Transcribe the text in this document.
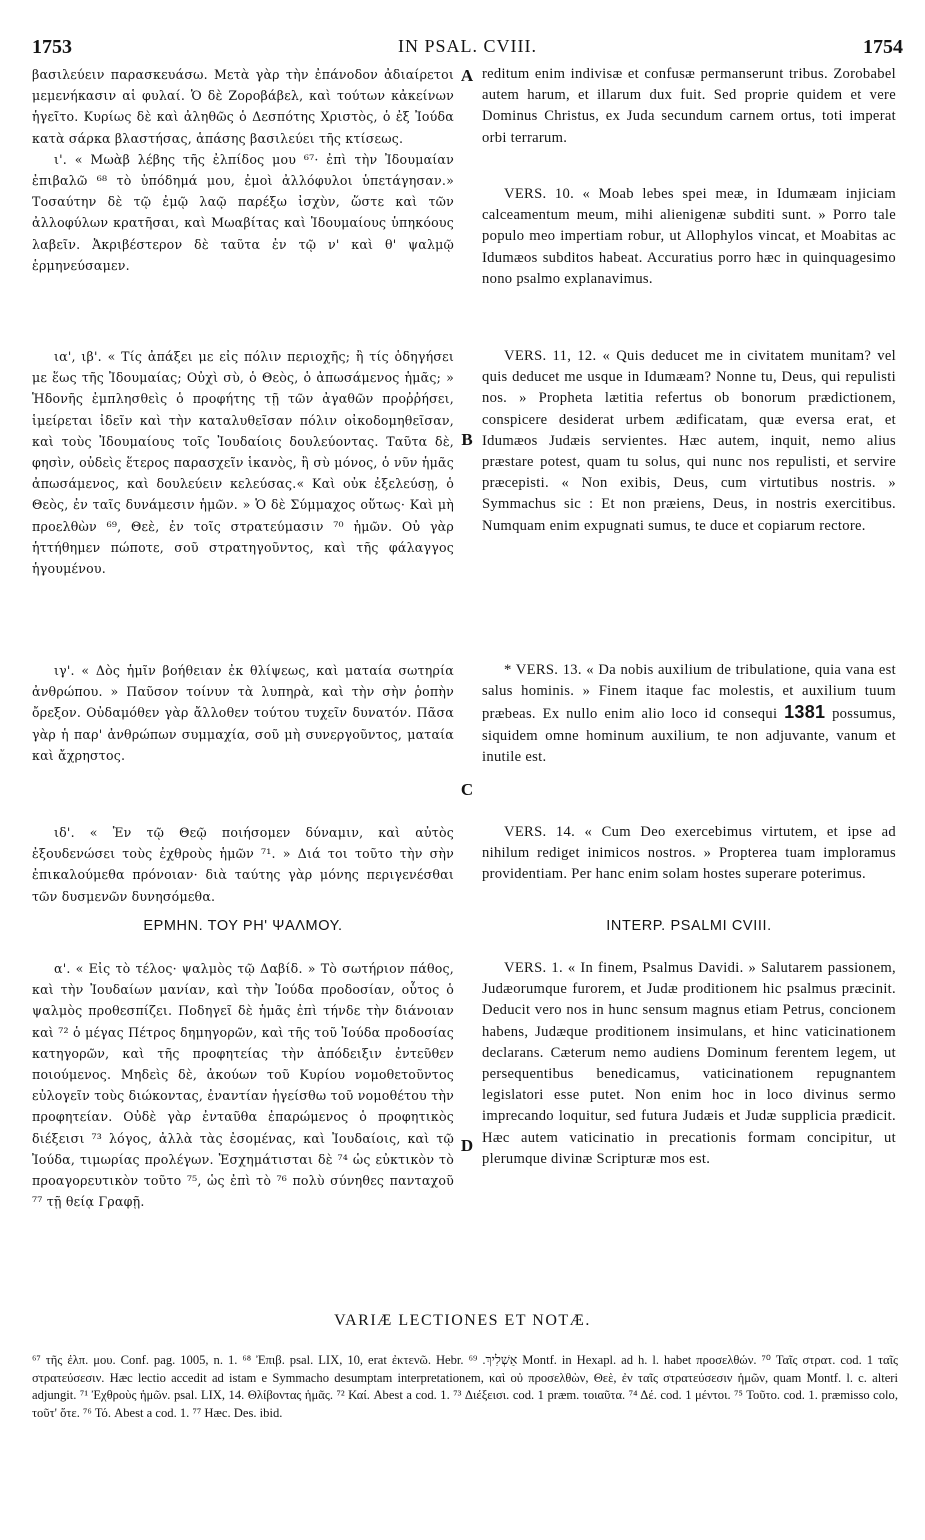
1753	IN PSAL. CVIII.	1754

βασιλεύειν παρασκευάσω. Μετὰ γὰρ τὴν ἐπάνοδον ἀδιαίρετοι μεμενήκασιν αἱ φυλαί. Ὁ δὲ Ζοροβάβελ, καὶ τούτων κἀκείνων ἡγεῖτο. Κυρίως δὲ καὶ ἀληθῶς ὁ Δεσπότης Χριστὸς, ὁ ἐξ Ἰούδα κατὰ σάρκα βλαστήσας, ἁπάσης βασιλεύει τῆς κτίσεως.

ι'. « Μωὰβ λέβης τῆς ἐλπίδος μου ⁶⁷· ἐπὶ τὴν Ἰδουμαίαν ἐπιβαλῶ ⁶⁸ τὸ ὑπόδημά μου, ἐμοὶ ἀλλόφυλοι ὑπετάγησαν.» Τοσαύτην δὲ τῷ ἐμῷ λαῷ παρέξω ἰσχὺν, ὥστε καὶ τῶν ἀλλοφύλων κρατῆσαι, καὶ Μωαβίτας καὶ Ἰδουμαίους ὑπηκόους λαβεῖν. Ἀκριβέστερον δὲ ταῦτα ἐν τῷ ν' καὶ θ' ψαλμῷ ἑρμηνεύσαμεν.

ια', ιβ'. « Τίς ἀπάξει με εἰς πόλιν περιοχῆς; ἢ τίς ὁδηγήσει με ἕως τῆς Ἰδουμαίας; Οὐχὶ σὺ, ὁ Θεὸς, ὁ ἀπωσάμενος ἡμᾶς; » Ἡδονῆς ἐμπλησθεὶς ὁ προφήτης τῇ τῶν ἀγαθῶν προῤῥήσει, ἱμείρεται ἰδεῖν καὶ τὴν καταλυθεῖσαν πόλιν οἰκοδομηθεῖσαν, καὶ τοὺς Ἰδουμαίους τοῖς Ἰουδαίοις δουλεύοντας. Ταῦτα δὲ, φησὶν, οὐδεὶς ἕτερος παρασχεῖν ἱκανὸς, ἢ σὺ μόνος, ὁ νῦν ἡμᾶς ἀπωσάμενος, καὶ δουλεύειν κελεύσας.« Καὶ οὐκ ἐξελεύσῃ, ὁ Θεὸς, ἐν ταῖς δυνάμεσιν ἡμῶν. » Ὁ δὲ Σύμμαχος οὕτως· Καὶ μὴ προελθὼν ⁶⁹, Θεὲ, ἐν τοῖς στρατεύμασιν ⁷⁰ ἡμῶν. Οὐ γὰρ ἡττήθημεν πώποτε, σοῦ στρατηγοῦντος, καὶ τῆς φάλαγγος ἡγουμένου.

ιγ'. « Δὸς ἡμῖν βοήθειαν ἐκ θλίψεως, καὶ ματαία σωτηρία ἀνθρώπου. » Παῦσον τοίνυν τὰ λυπηρὰ, καὶ τὴν σὴν ῥοπὴν ὄρεξον. Οὐδαμόθεν γὰρ ἄλλοθεν τούτου τυχεῖν δυνατόν. Πᾶσα γὰρ ἡ παρ' ἀνθρώπων συμμαχία, σοῦ μὴ συνεργοῦντος, ματαία καὶ ἄχρηστος.

ιδ'. « Ἐν τῷ Θεῷ ποιήσομεν δύναμιν, καὶ αὐτὸς ἐξουδενώσει τοὺς ἐχθροὺς ἡμῶν ⁷¹. » Διά τοι τοῦτο τὴν σὴν ἐπικαλούμεθα πρόνοιαν· διὰ ταύτης γὰρ μόνης περιγενέσθαι τῶν δυσμενῶν δυνησόμεθα.

reditum enim indivisæ et confusæ permanserunt tribus. Zorobabel autem harum, et illarum dux fuit. Sed proprie quidem et vere Dominus Christus, ex Juda secundum carnem ortus, toti imperat orbi terrarum.

VERS. 10. « Moab lebes spei meæ, in Idumæam injiciam calceamentum meum, mihi alienigenæ subditi sunt. » Porro tale populo meo impertiam robur, ut Allophylos vincat, et Moabitas ac Idumæos subditos habeat. Accuratius porro hæc in quinquagesimo nono psalmo explanavimus.

VERS. 11, 12. « Quis deducet me in civitatem munitam? vel quis deducet me usque in Idumæam? Nonne tu, Deus, qui repulisti nos. » Propheta lætitia refertus ob bonorum prædictionem, conspicere desiderat urbem ædificatam, quæ eversa erat, et Idumæos Judæis servientes. Hæc autem, inquit, nemo alius præstare potest, quam tu solus, qui nunc nos repulisti, et servire præcepisti. « Non exibis, Deus, cum virtutibus nostris. » Symmachus sic : Et non præiens, Deus, in nostris exercitibus. Numquam enim expugnati sumus, te duce et copiarum rectore.

* VERS. 13. « Da nobis auxilium de tribulatione, quia vana est salus hominis. » Finem itaque fac molestis, et auxilium tuum præbeas. Ex nullo enim alio loco id consequi 1381 possumus, siquidem omne hominum auxilium, te non adjuvante, vanum et inutile est.

VERS. 14. « Cum Deo exercebimus virtutem, et ipse ad nihilum rediget inimicos nostros. » Propterea tuam imploramus providentiam. Per hanc enim solam hostes superare poterimus.

A
B
C
D
ΕΡΜΗΝ. ΤΟΥ ΡΗ' ΨΑΛΜΟΥ.	INTERP. PSALMI CVIII.

α'. « Εἰς τὸ τέλος· ψαλμὸς τῷ Δαβίδ. » Τὸ σωτήριον πάθος, καὶ τὴν Ἰουδαίων μανίαν, καὶ τὴν Ἰούδα προδοσίαν, οὗτος ὁ ψαλμὸς προθεσπίζει. Ποδηγεῖ δὲ ἡμᾶς ἐπὶ τήνδε τὴν διάνοιαν καὶ ⁷² ὁ μέγας Πέτρος δημηγορῶν, καὶ τῆς τοῦ Ἰούδα προδοσίας κατηγορῶν, καὶ τῆς προφητείας τὴν ἀπόδειξιν ἐντεῦθεν ποιούμενος. Μηδεὶς δὲ, ἀκούων τοῦ Κυρίου νομοθετοῦντος εὐλογεῖν τοὺς διώκοντας, ἐναντίαν ἡγείσθω τοῦ νομοθέτου τὴν προφητείαν. Οὐδὲ γὰρ ἐνταῦθα ἐπαρώμενος ὁ προφητικὸς διέξεισι ⁷³ λόγος, ἀλλὰ τὰς ἐσομένας, καὶ Ἰουδαίοις, καὶ τῷ Ἰούδα, τιμωρίας προλέγων. Ἐσχημάτισται δὲ ⁷⁴ ὡς εὐκτικὸν τὸ προαγορευτικὸν τοῦτο ⁷⁵, ὡς ἐπὶ τὸ ⁷⁶ πολὺ σύνηθες πανταχοῦ ⁷⁷ τῇ θείᾳ Γραφῇ.

VERS. 1. « In finem, Psalmus Davidi. » Salutarem passionem, Judæorumque furorem, et Judæ proditionem hic psalmus præcinit. Deducit vero nos in hunc sensum magnus etiam Petrus, concionem habens, Judæque proditionem insimulans, et hinc vaticinationem declarans. Cæterum nemo audiens Dominum ferentem legem, ut persequentibus benedicamus, vaticinationem repugnantem legislatori esse putet. Non enim hoc in loco divinus sermo imprecando loquitur, sed futura Judæis et Judæ supplicia prædicit. Hæc autem vaticinatio in precationis formam concipitur, ut plerumque divinæ Scripturæ mos est.

VARIÆ LECTIONES ET NOTÆ.
⁶⁷ τῆς ἐλπ. μου. Conf. pag. 1005, n. 1. ⁶⁸ Ἐπιβ. psal. LIX, 10, erat ἐκτενῶ. Hebr. אַשְׁלִיךְ. ⁶⁹ Montf. in Hexapl. ad h. l. habet προσελθών. ⁷⁰ Ταῖς στρατ. cod. 1 ταῖς στρατεύσεσιν. Hæc lectio accedit ad istam e Symmacho desumptam interpretationem, καὶ οὐ προσελθὼν, Θεὲ, ἐν ταῖς στρατεύσεσιν ἡμῶν, quam Montf. l. c. alteri adjungit. ⁷¹ Ἐχθροὺς ἡμῶν. psal. LIX, 14. Θλίβοντας ἡμᾶς. ⁷² Καί. Abest a cod. 1. ⁷³ Διέξεισι. cod. 1 præm. τοιαῦτα. ⁷⁴ Δέ. cod. 1 μέντοι. ⁷⁵ Τοῦτο. cod. 1. præmisso colo, τοῦτ' ὅτε. ⁷⁶ Τό. Abest a cod. 1. ⁷⁷ Hæc. Des. ibid.
